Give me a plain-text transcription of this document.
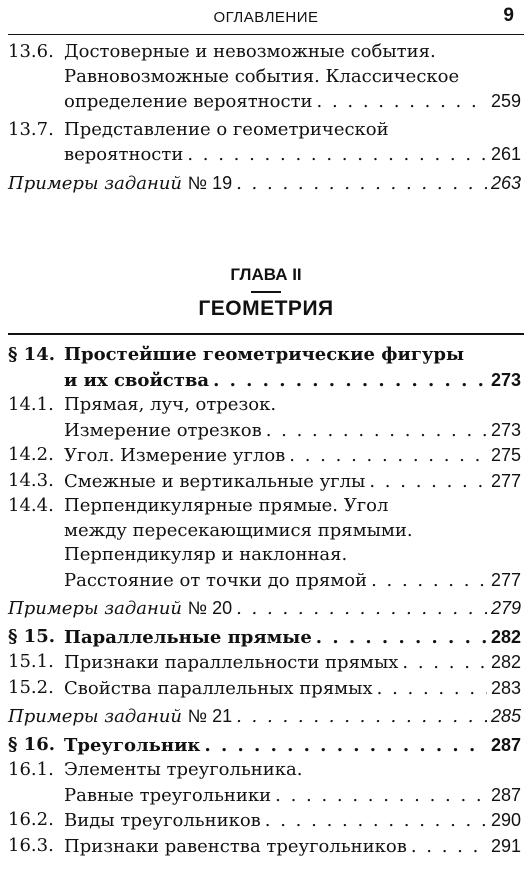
ОГЛАВЛЕНИЕ	9
13.6. Достоверные и невозможные события.
Равновозможные события. Классическое
определение вероятности . . .	259
13.7. Представление о геометрической
вероятности . . .	261
Примеры заданий № 19 . . .	263
ГЛАВА II
ГЕОМЕТРИЯ
§ 14. Простейшие геометрические фигуры
и их свойства . . .	273
14.1. Прямая, луч, отрезок.
Измерение отрезков . . .	273
14.2. Угол. Измерение углов . . .	275
14.3. Смежные и вертикальные углы . . .	277
14.4. Перпендикулярные прямые. Угол
между пересекающимися прямыми.
Перпендикуляр и наклонная.
Расстояние от точки до прямой . . .	277
Примеры заданий № 20 . . .	279
§ 15. Параллельные прямые . . .	282
15.1. Признаки параллельности прямых . . .	282
15.2. Свойства параллельных прямых . . .	283
Примеры заданий № 21 . . .	285
§ 16. Треугольник . . .	287
16.1. Элементы треугольника.
Равные треугольники . . .	287
16.2. Виды треугольников . . .	290
16.3. Признаки равенства треугольников . . .	291
